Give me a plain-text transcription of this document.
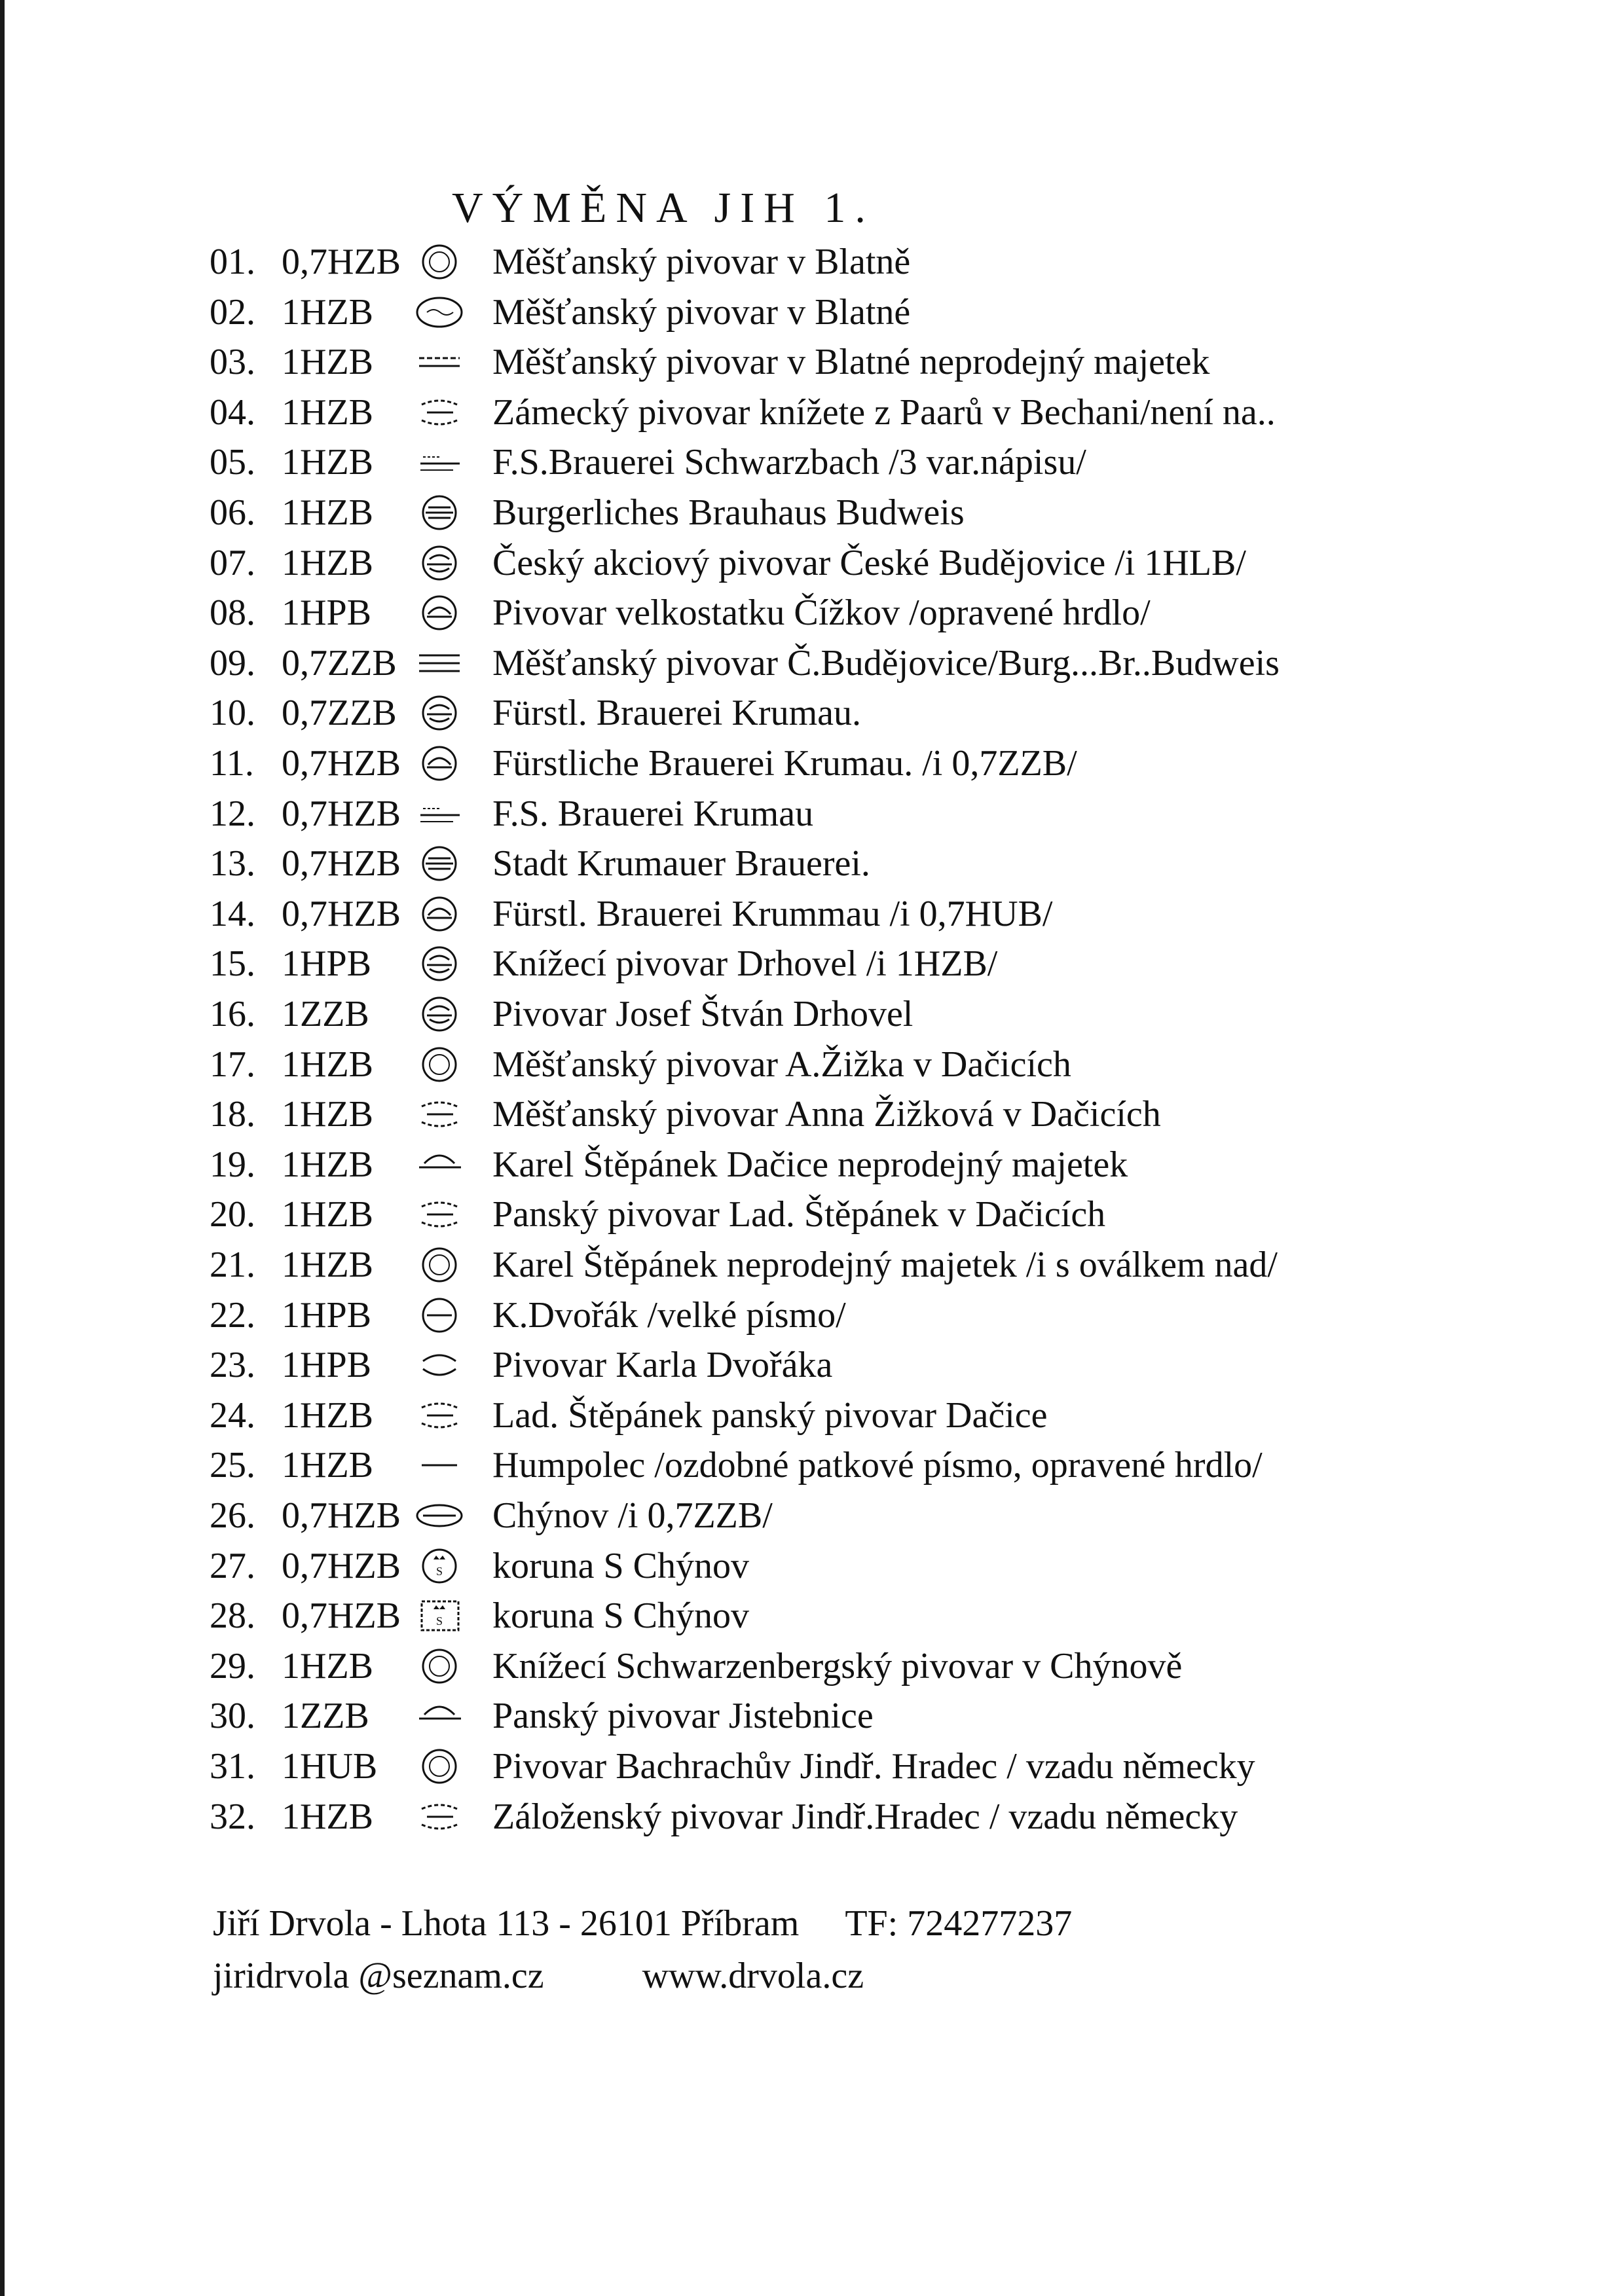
VÝMĚNA JIH 1.
01. 0,7HZB	Měšťanský pivovar v Blatně
02. 1HZB	Měšťanský pivovar v Blatné
03. 1HZB	Měšťanský pivovar v Blatné neprodejný majetek
04. 1HZB	Zámecký pivovar knížete z Paarů v Bechani/není na..
05. 1HZB	F.S.Brauerei Schwarzbach /3 var.nápisu/
06. 1HZB	Burgerliches Brauhaus Budweis
07. 1HZB	Český akciový pivovar České Budějovice /i 1HLB/
08. 1HPB	Pivovar velkostatku Čížkov /opravené hrdlo/
09. 0,7ZZB	Měšťanský pivovar Č.Budějovice/Burg...Br..Budweis
10. 0,7ZZB	Fürstl. Brauerei Krumau.
11. 0,7HZB	Fürstliche Brauerei Krumau. /i 0,7ZZB/
12. 0,7HZB	F.S. Brauerei Krumau
13. 0,7HZB	Stadt Krumauer Brauerei.
14. 0,7HZB	Fürstl. Brauerei Krummau /i 0,7HUB/
15. 1HPB	Knížecí pivovar Drhovel /i 1HZB/
16. 1ZZB	Pivovar Josef Štván Drhovel
17. 1HZB	Měšťanský pivovar A.Žižka v Dačicích
18. 1HZB	Měšťanský pivovar Anna Žižková v Dačicích
19. 1HZB	Karel Štěpánek Dačice neprodejný majetek
20. 1HZB	Panský pivovar Lad. Štěpánek v Dačicích
21. 1HZB	Karel Štěpánek neprodejný majetek /i s oválkem nad/
22. 1HPB	K.Dvořák /velké písmo/
23. 1HPB	Pivovar Karla Dvořáka
24. 1HZB	Lad. Štěpánek panský pivovar Dačice
25. 1HZB	Humpolec /ozdobné patkové písmo, opravené hrdlo/
26. 0,7HZB	Chýnov /i 0,7ZZB/
27. 0,7HZB	S koruna S Chýnov
28. 0,7HZB	S koruna S Chýnov
29. 1HZB	Knížecí Schwarzenbergský pivovar v Chýnově
30. 1ZZB	Panský pivovar Jistebnice
31. 1HUB	Pivovar Bachrachův Jindř. Hradec / vzadu německy
32. 1HZB	Záloženský pivovar Jindř.Hradec / vzadu německy
Jiří Drvola - Lhota 113 - 26101 Příbram TF: 724277237
jiridrvola @seznam.cz	www.drvola.cz
